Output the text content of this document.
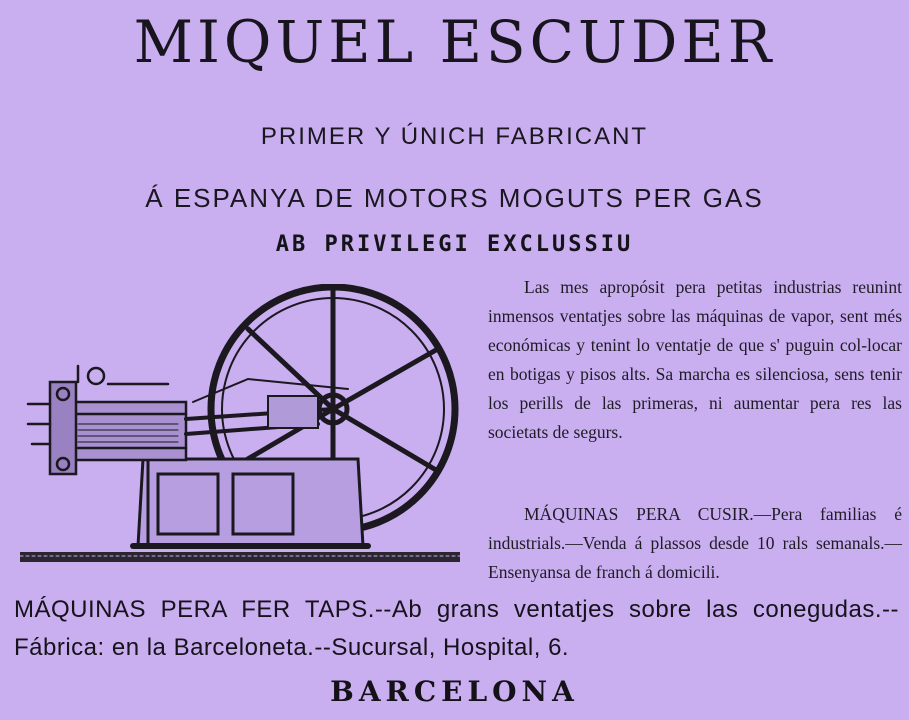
MIQUEL ESCUDER
PRIMER Y ÚNICH FABRICANT
Á ESPANYA DE MOTORS MOGUTS PER GAS
AB PRIVILEGI EXCLUSSIU
Las mes apropósit pera petitas industrias reunint inmensos ventatjes sobre las máquinas de vapor, sent més económicas y tenint lo ventatje de que s' puguin col-locar en botigas y pisos alts. Sa marcha es silenciosa, sens tenir los perills de las primeras, ni aumentar pera res las societats de segurs.
MÁQUINAS PERA CUSIR.—Pera familias é industrials.—Venda á plassos desde 10 rals semanals.—Ensenyansa de franch á domicili.
MÁQUINAS PERA FER TAPS.--Ab grans ventatjes sobre las conegudas.--Fábrica: en la Barceloneta.--Sucursal, Hospital, 6.
BARCELONA
